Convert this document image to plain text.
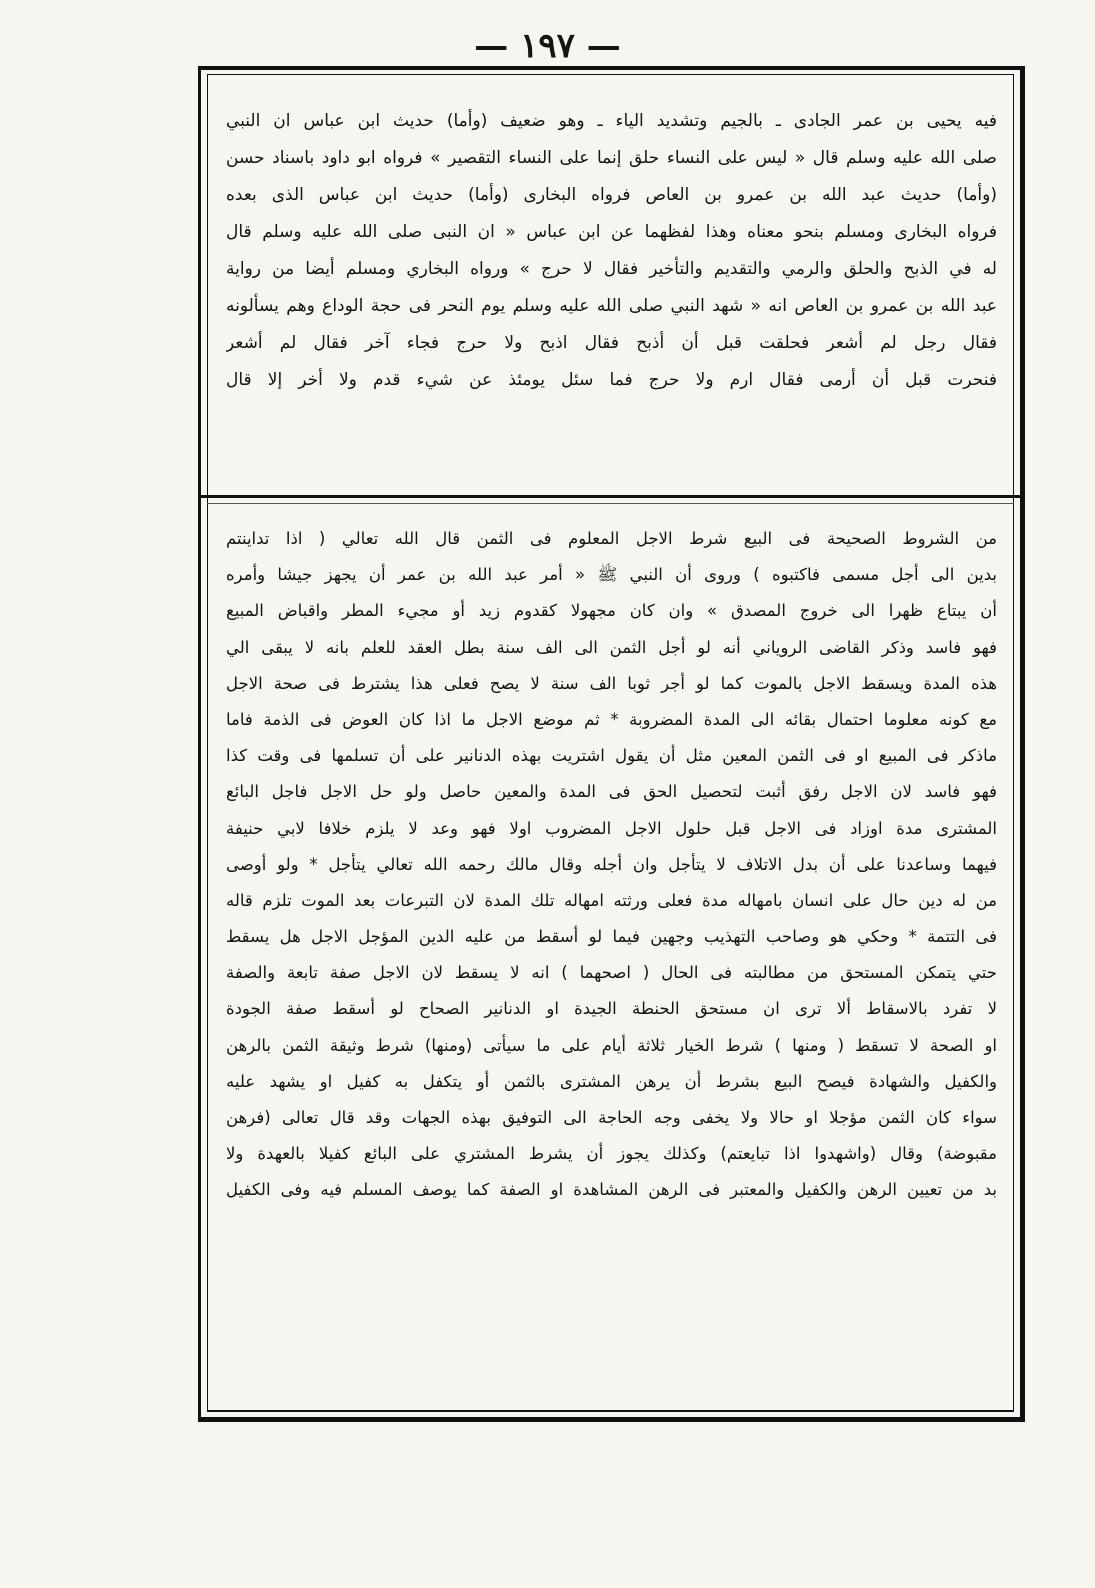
— ١٩٧ —
فيه يحيى بن عمر الجادى ـ بالجيم وتشديد الياء ـ وهو ضعيف (وأما) حديث ابن عباس ان النبي
صلى الله عليه وسلم قال « ليس على النساء حلق إنما على النساء التقصير » فرواه ابو داود باسناد حسن
(وأما) حديث عبد الله بن عمرو بن العاص فرواه البخارى (وأما) حديث ابن عباس الذى بعده
فرواه البخارى ومسلم بنحو معناه وهذا لفظهما عن ابن عباس « ان النبى صلى الله عليه وسلم قال
له في الذبح والحلق والرمي والتقديم والتأخير فقال لا حرج » ورواه البخاري ومسلم أيضا من رواية
عبد الله بن عمرو بن العاص انه « شهد النبي صلى الله عليه وسلم يوم النحر فى حجة الوداع وهم يسألونه
فقال رجل لم أشعر فحلقت قبل أن أذبح فقال اذبح ولا حرج فجاء آخر فقال لم أشعر
فنحرت قبل أن أرمى فقال ارم ولا حرج فما سئل يومئذ عن شيء قدم ولا أخر إلا قال
من الشروط الصحيحة فى البيع شرط الاجل المعلوم فى الثمن قال الله تعالي ( اذا تداينتم
بدين الى أجل مسمى فاكتبوه ) وروى أن النبي ﷺ « أمر عبد الله بن عمر أن يجهز جيشا وأمره
أن يبتاع ظهرا الى خروج المصدق » وان كان مجهولا كقدوم زيد أو مجيء المطر واقباض المبيع
فهو فاسد وذكر القاضى الروياني أنه لو أجل الثمن الى الف سنة بطل العقد للعلم بانه لا يبقى الي
هذه المدة ويسقط الاجل بالموت كما لو أجر ثوبا الف سنة لا يصح فعلى هذا يشترط فى صحة الاجل
مع كونه معلوما احتمال بقائه الى المدة المضروبة * ثم موضع الاجل ما اذا كان العوض فى الذمة فاما
ماذكر فى المبيع او فى الثمن المعين مثل أن يقول اشتريت بهذه الدنانير على أن تسلمها فى وقت كذا
فهو فاسد لان الاجل رفق أثبت لتحصيل الحق فى المدة والمعين حاصل ولو حل الاجل فاجل البائع
المشترى مدة اوزاد فى الاجل قبل حلول الاجل المضروب اولا فهو وعد لا يلزم خلافا لابي حنيفة
فيهما وساعدنا على أن بدل الاتلاف لا يتأجل وان أجله وقال مالك رحمه الله تعالي يتأجل * ولو أوصى
من له دين حال على انسان بامهاله مدة فعلى ورثته امهاله تلك المدة لان التبرعات بعد الموت تلزم قاله
فى التتمة * وحكي هو وصاحب التهذيب وجهين فيما لو أسقط من عليه الدين المؤجل الاجل هل يسقط
حتي يتمكن المستحق من مطالبته فى الحال ( اصحهما ) انه لا يسقط لان الاجل صفة تابعة والصفة
لا تفرد بالاسقاط ألا ترى ان مستحق الحنطة الجيدة او الدنانير الصحاح لو أسقط صفة الجودة
او الصحة لا تسقط ( ومنها ) شرط الخيار ثلاثة أيام على ما سيأتى (ومنها) شرط وثيقة الثمن بالرهن
والكفيل والشهادة فيصح البيع بشرط أن يرهن المشترى بالثمن أو يتكفل به كفيل او يشهد عليه
سواء كان الثمن مؤجلا او حالا ولا يخفى وجه الحاجة الى التوفيق بهذه الجهات وقد قال تعالى (فرهن
مقبوضة) وقال (واشهدوا اذا تبايعتم) وكذلك يجوز أن يشرط المشتري على البائع كفيلا بالعهدة ولا
بد من تعيين الرهن والكفيل والمعتبر فى الرهن المشاهدة او الصفة كما يوصف المسلم فيه وفى الكفيل
